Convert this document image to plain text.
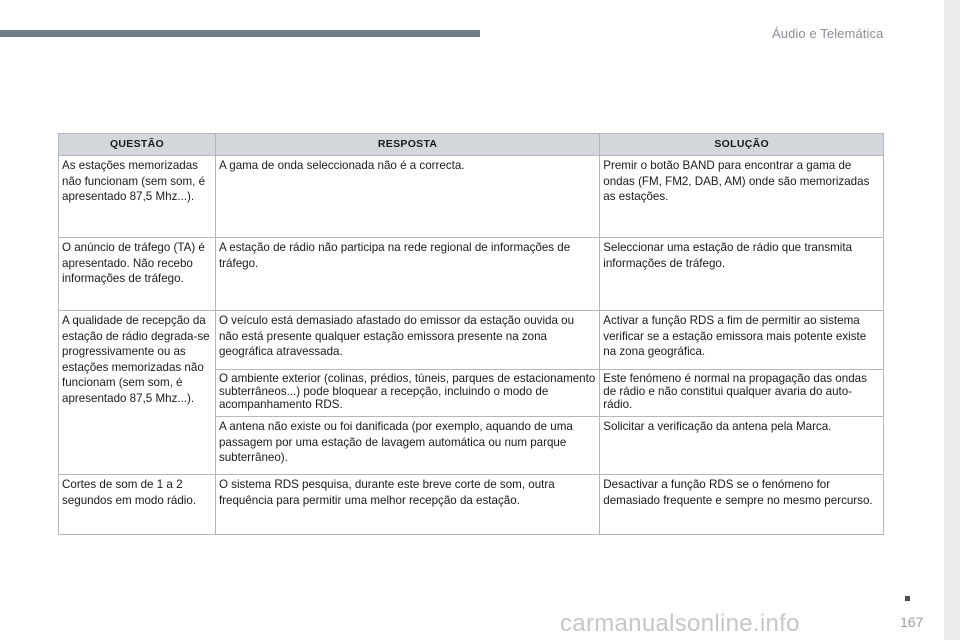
Áudio e Telemática
QUESTÃO	RESPOSTA	SOLUÇÃO
As estações memorizadas não funcionam (sem som, é apresentado 87,5 Mhz...).	A gama de onda seleccionada não é a correcta.	Premir o botão BAND para encontrar a gama de ondas (FM, FM2, DAB, AM) onde são memorizadas as estações.
O anúncio de tráfego (TA) é apresentado. Não recebo informações de tráfego.	A estação de rádio não participa na rede regional de informações de tráfego.	Seleccionar uma estação de rádio que transmita informações de tráfego.
A qualidade de recepção da estação de rádio degrada-se progressivamente ou as estações memorizadas não funcionam (sem som, é apresentado 87,5 Mhz...).	O veículo está demasiado afastado do emissor da estação ouvida ou não está presente qualquer estação emissora presente na zona geográfica atravessada.	Activar a função RDS a fim de permitir ao sistema verificar se a estação emissora mais potente existe na zona geográfica.
	O ambiente exterior (colinas, prédios, túneis, parques de estacionamento subterrâneos...) pode bloquear a recepção, incluindo o modo de acompanhamento RDS.	Este fenómeno é normal na propagação das ondas de rádio e não constitui qualquer avaria do auto-rádio.
	A antena não existe ou foi danificada (por exemplo, aquando de uma passagem por uma estação de lavagem automática ou num parque subterrâneo).	Solicitar a verificação da antena pela Marca.
Cortes de som de 1 a 2 segundos em modo rádio.	O sistema RDS pesquisa, durante este breve corte de som, outra frequência para permitir uma melhor recepção da estação.	Desactivar a função RDS se o fenómeno for demasiado frequente e sempre no mesmo percurso.
carmanualsonline.info	167
